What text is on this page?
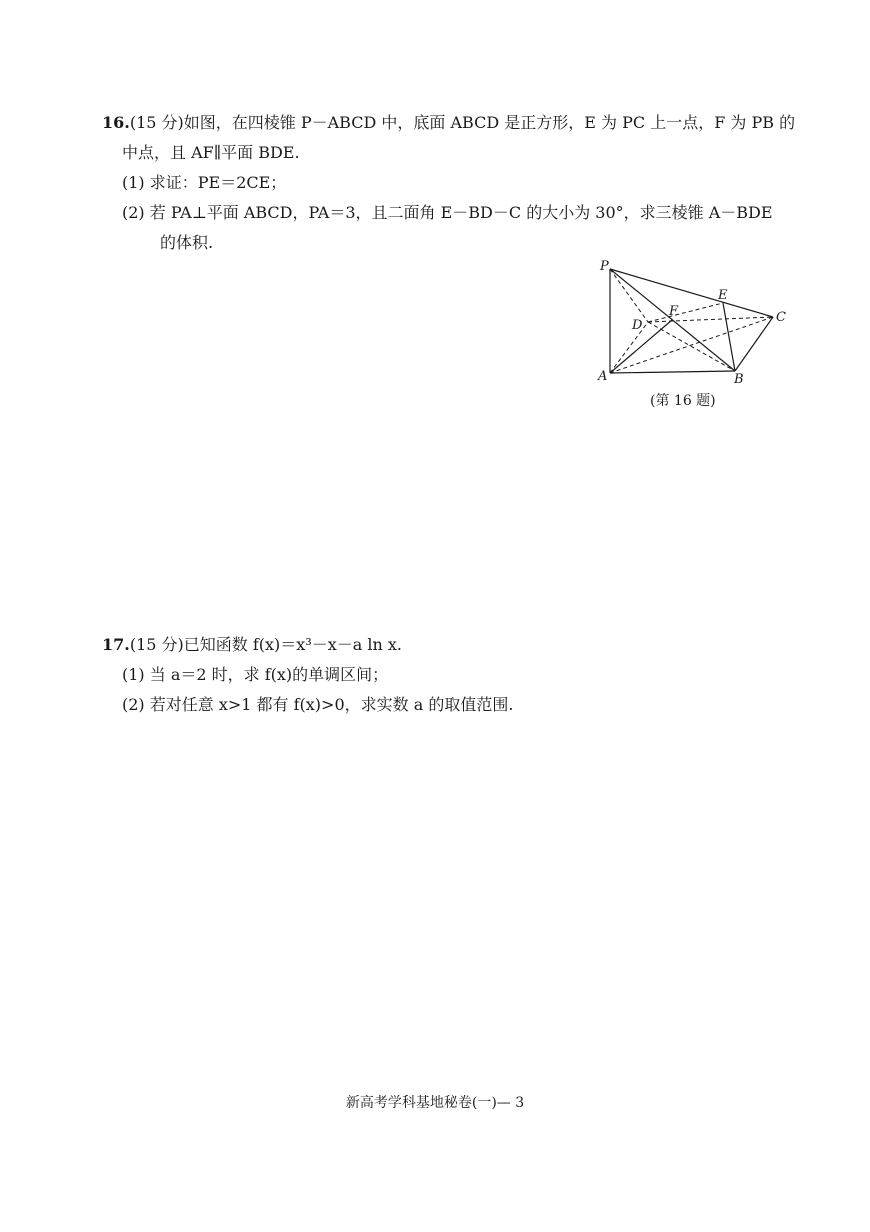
16.(15 分)如图，在四棱锥 P－ABCD 中，底面 ABCD 是正方形，E 为 PC 上一点，F 为 PB 的
中点，且 AF∥平面 BDE.
(1) 求证：PE＝2CE；
(2) 若 PA⊥平面 ABCD，PA＝3，且二面角 E－BD－C 的大小为 30°，求三棱锥 A－BDE
的体积.
P
E
C
F
D
A	B
(第 16 题)
17.(15 分)已知函数 f(x)＝x³－x－a ln x.
(1) 当 a＝2 时，求 f(x)的单调区间；
(2) 若对任意 x>1 都有 f(x)>0，求实数 a 的取值范围.
新高考学科基地秘卷(一)— 3
